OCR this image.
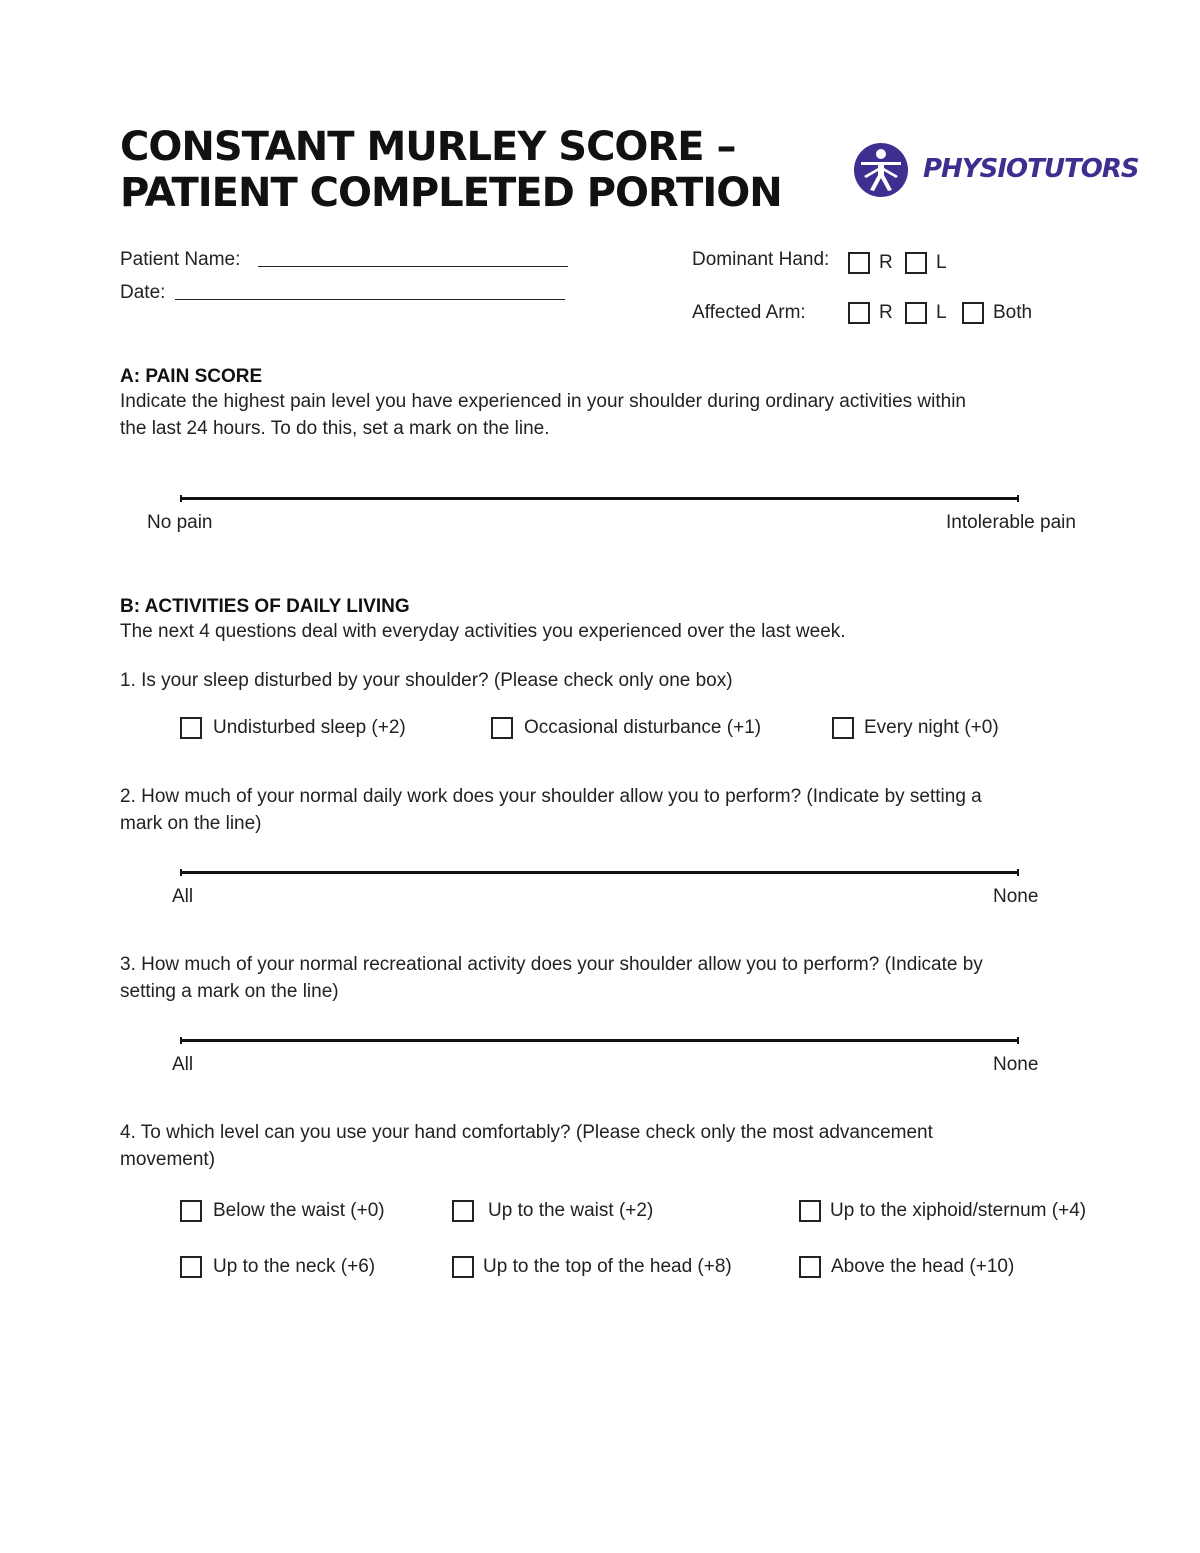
CONSTANT MURLEY SCORE –
PATIENT COMPLETED PORTION
PHYSIOTUTORS
Patient Name:
Date:
Dominant Hand:	R L
Affected Arm:	R L Both
A: PAIN SCORE
Indicate the highest pain level you have experienced in your shoulder during ordinary activities within
the last 24 hours. To do this, set a mark on the line.
No pain	Intolerable pain
B: ACTIVITIES OF DAILY LIVING
The next 4 questions deal with everyday activities you experienced over the last week.
1. Is your sleep disturbed by your shoulder? (Please check only one box)
Undisturbed sleep (+2)	Occasional disturbance (+1)	Every night (+0)
2. How much of your normal daily work does your shoulder allow you to perform? (Indicate by setting a
mark on the line)
All	None
3. How much of your normal recreational activity does your shoulder allow you to perform? (Indicate by
setting a mark on the line)
All	None
4. To which level can you use your hand comfortably? (Please check only the most advancement
movement)
Below the waist (+0)	Up to the waist (+2)	Up to the xiphoid/sternum (+4)
Up to the neck (+6)	Up to the top of the head (+8)	Above the head (+10)
